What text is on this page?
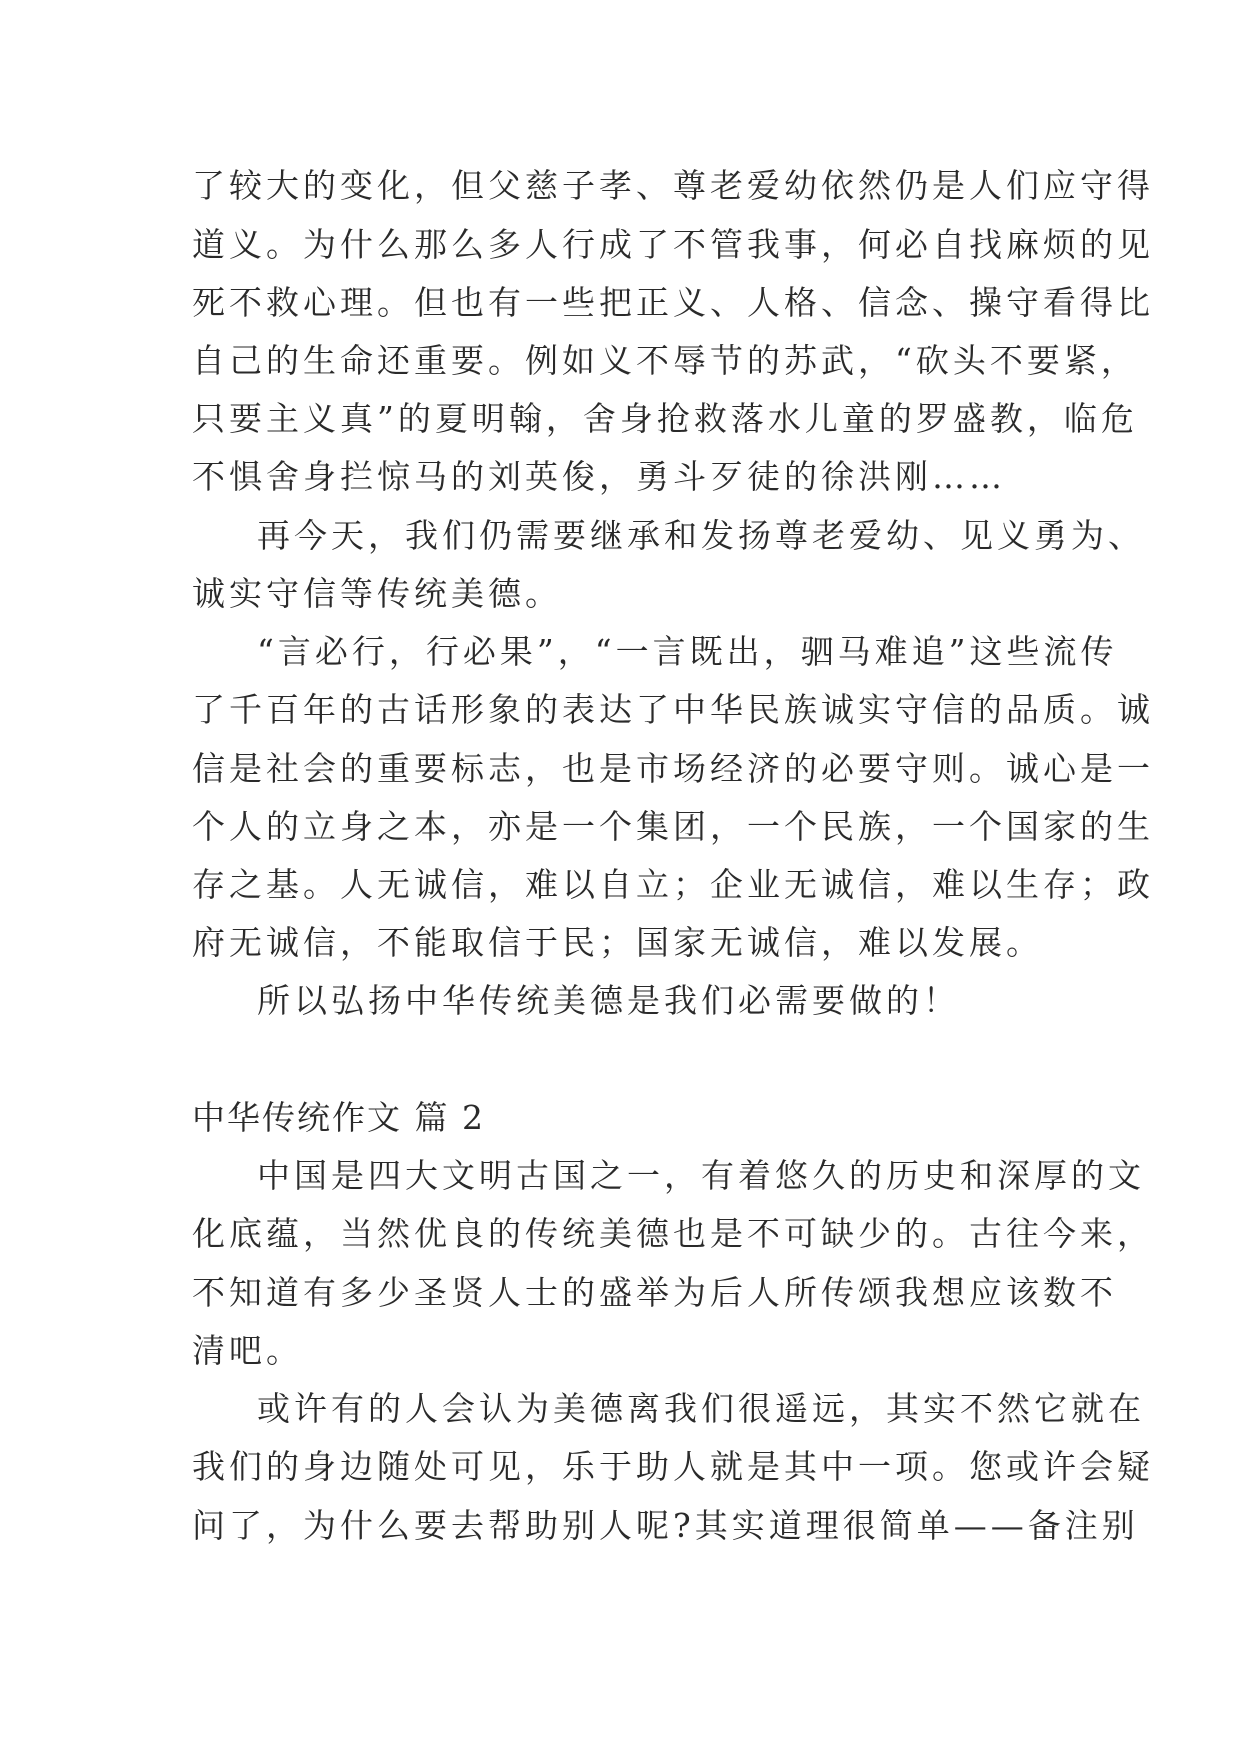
了较大的变化，但父慈子孝、尊老爱幼依然仍是人们应守得
道义。为什么那么多人行成了不管我事，何必自找麻烦的见
死不救心理。但也有一些把正义、人格、信念、操守看得比
自己的生命还重要。例如义不辱节的苏武，“砍头不要紧，
只要主义真”的夏明翰，舍身抢救落水儿童的罗盛教，临危
不惧舍身拦惊马的刘英俊，勇斗歹徒的徐洪刚……
再今天，我们仍需要继承和发扬尊老爱幼、见义勇为、
诚实守信等传统美德。
“言必行，行必果”，“一言既出，驷马难追”这些流传
了千百年的古话形象的表达了中华民族诚实守信的品质。诚
信是社会的重要标志，也是市场经济的必要守则。诚心是一
个人的立身之本，亦是一个集团，一个民族，一个国家的生
存之基。人无诚信，难以自立；企业无诚信，难以生存；政
府无诚信，不能取信于民；国家无诚信，难以发展。
所以弘扬中华传统美德是我们必需要做的！
中华传统作文 篇 2
中国是四大文明古国之一，有着悠久的历史和深厚的文
化底蕴，当然优良的传统美德也是不可缺少的。古往今来，
不知道有多少圣贤人士的盛举为后人所传颂我想应该数不
清吧。
或许有的人会认为美德离我们很遥远，其实不然它就在
我们的身边随处可见，乐于助人就是其中一项。您或许会疑
问了，为什么要去帮助别人呢?其实道理很简单——备注别
